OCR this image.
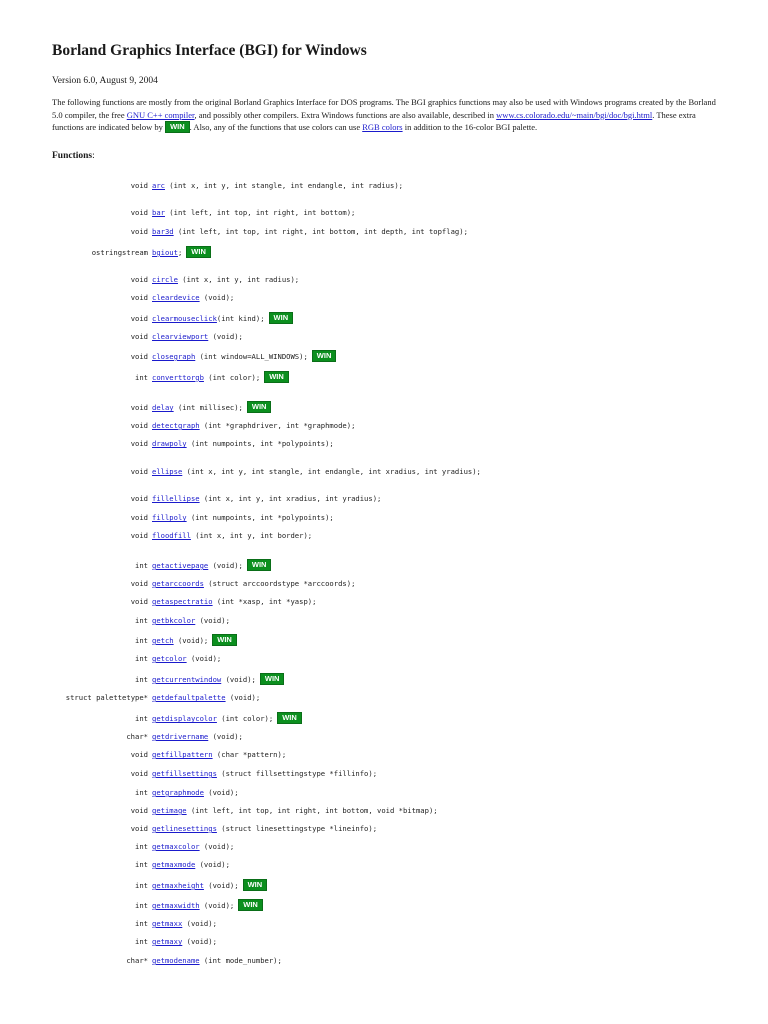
Borland Graphics Interface (BGI) for Windows

Version 6.0, August 9, 2004

The following functions are mostly from the original Borland Graphics Interface for DOS programs. The BGI graphics functions may also be used with Windows programs created by the Borland 5.0 compiler, the free GNU C++ compiler, and possibly other compilers. Extra Windows functions are also available, described in www.cs.colorado.edu/~main/bgi/doc/bgi.html. These extra functions are indicated below by WIN . Also, any of the functions that use colors can use RGB colors in addition to the 16-color BGI palette.

Functions:

void arc (int x, int y, int stangle, int endangle, int radius);
void bar (int left, int top, int right, int bottom);
void bar3d (int left, int top, int right, int bottom, int depth, int topflag);
ostringstream bgiout; WIN
void circle (int x, int y, int radius);
void cleardevice (void);
void clearmouseclick(int kind); WIN
void clearviewport (void);
void closegraph (int window=ALL_WINDOWS); WIN
int converttorgb (int color); WIN
void delay (int millisec); WIN
void detectgraph (int *graphdriver, int *graphmode);
void drawpoly (int numpoints, int *polypoints);
void ellipse (int x, int y, int stangle, int endangle, int xradius, int yradius);
void fillellipse (int x, int y, int xradius, int yradius);
void fillpoly (int numpoints, int *polypoints);
void floodfill (int x, int y, int border);
int getactivepage (void); WIN
void getarccoords (struct arccoordstype *arccoords);
void getaspectratio (int *xasp, int *yasp);
int getbkcolor (void);
int getch (void); WIN
int getcolor (void);
int getcurrentwindow (void); WIN
struct palettetype* getdefaultpalette (void);
int getdisplaycolor (int color); WIN
char* getdrivername (void);
void getfillpattern (char *pattern);
void getfillsettings (struct fillsettingstype *fillinfo);
int getgraphmode (void);
void getimage (int left, int top, int right, int bottom, void *bitmap);
void getlinesettings (struct linesettingstype *lineinfo);
int getmaxcolor (void);
int getmaxmode (void);
int getmaxheight (void); WIN
int getmaxwidth (void); WIN
int getmaxx (void);
int getmaxy (void);
char* getmodename (int mode_number);
